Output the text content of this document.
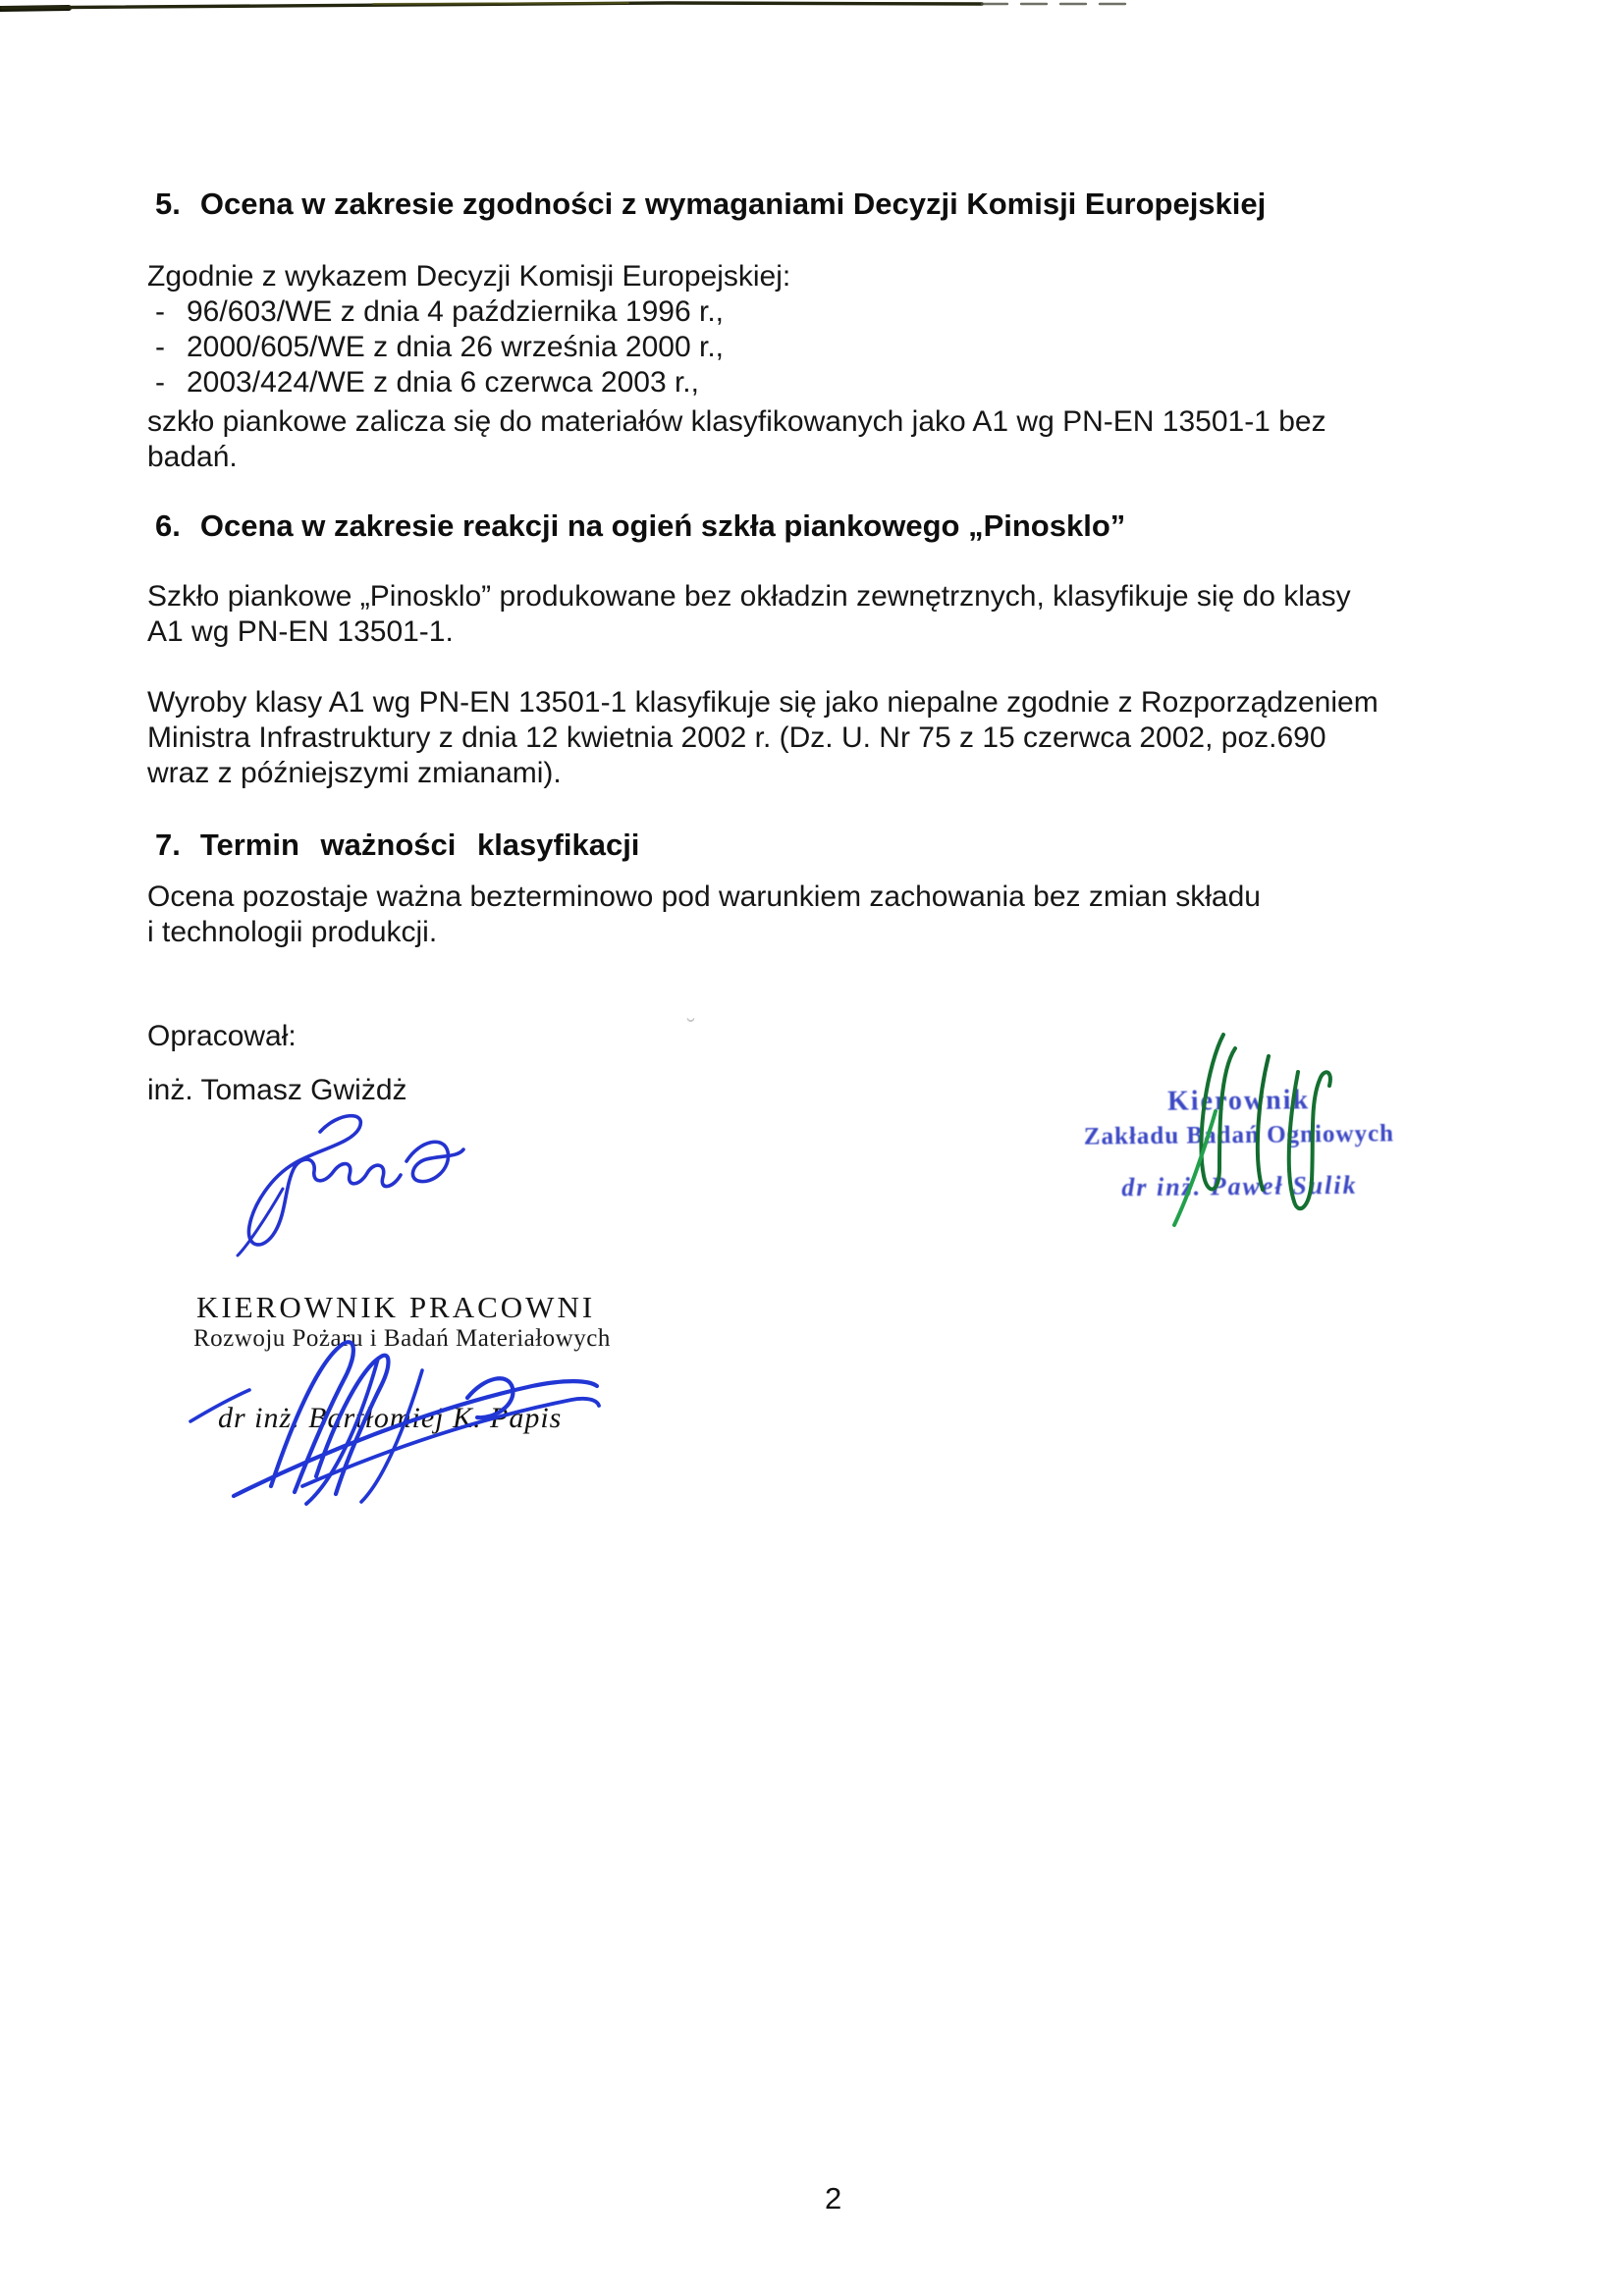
5. Ocena w zakresie zgodności z wymaganiami Decyzji Komisji Europejskiej
Zgodnie z wykazem Decyzji Komisji Europejskiej:
- 96/603/WE z dnia 4 października 1996 r.,
- 2000/605/WE z dnia 26 września 2000 r.,
- 2003/424/WE z dnia 6 czerwca 2003 r.,
szkło piankowe zalicza się do materiałów klasyfikowanych jako A1 wg PN-EN 13501-1 bez
badań.
6. Ocena w zakresie reakcji na ogień szkła piankowego „Pinosklo”
Szkło piankowe „Pinosklo” produkowane bez okładzin zewnętrznych, klasyfikuje się do klasy
A1 wg PN-EN 13501-1.
Wyroby klasy A1 wg PN-EN 13501-1 klasyfikuje się jako niepalne zgodnie z Rozporządzeniem
Ministra Infrastruktury z dnia 12 kwietnia 2002 r. (Dz. U. Nr 75 z 15 czerwca 2002, poz.690
wraz z późniejszymi zmianami).
7. Termin ważności klasyfikacji
Ocena pozostaje ważna bezterminowo pod warunkiem zachowania bez zmian składu
i technologii produkcji.
˘
Opracował:
inż. Tomasz Gwiżdż	Kierownik
Zakładu Badań Ogniowych
dr inż. Paweł Sulik
KIEROWNIK PRACOWNI
Rozwoju Pożaru i Badań Materiałowych
dr inż. Bartłomiej K. Papis
2
